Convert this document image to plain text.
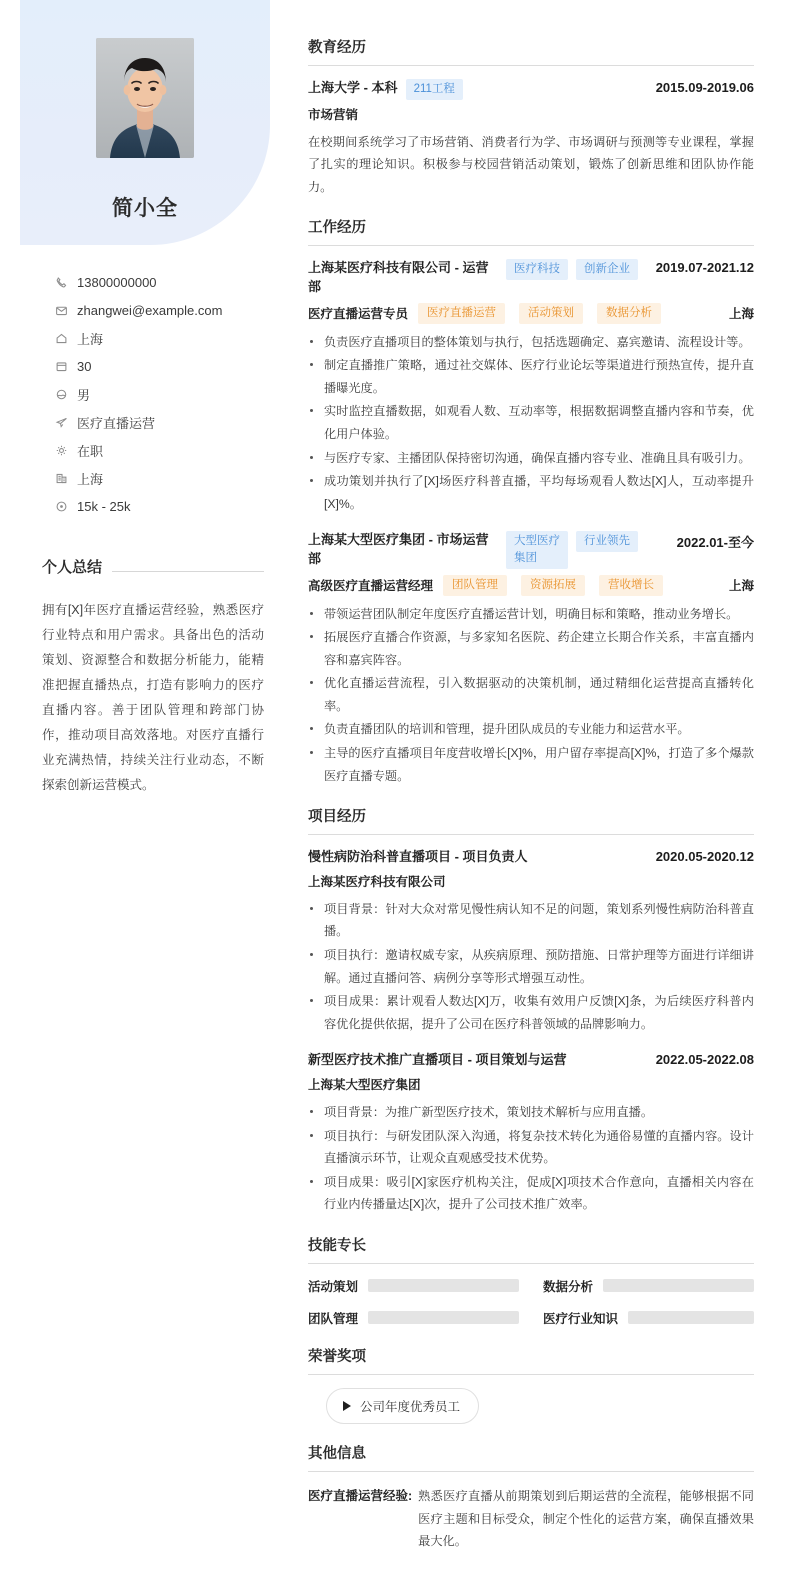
简小全
13800000000
zhangwei@example.com
上海
30
男
医疗直播运营
在职
上海
15k - 25k
个人总结
拥有[X]年医疗直播运营经验，熟悉医疗行业特点和用户需求。具备出色的活动策划、资源整合和数据分析能力，能精准把握直播热点，打造有影响力的医疗直播内容。善于团队管理和跨部门协作，推动项目高效落地。对医疗直播行业充满热情，持续关注行业动态，不断探索创新运营模式。
教育经历
上海大学 - 本科	211工程	2015.09-2019.06
市场营销
在校期间系统学习了市场营销、消费者行为学、市场调研与预测等专业课程，掌握了扎实的理论知识。积极参与校园营销活动策划，锻炼了创新思维和团队协作能力。
工作经历
上海某医疗科技有限公司 - 运营部
医疗科技	创新企业	2019.07-2021.12
医疗直播运营专员	医疗直播运营	活动策划	数据分析	上海
负责医疗直播项目的整体策划与执行，包括选题确定、嘉宾邀请、流程设计等。
制定直播推广策略，通过社交媒体、医疗行业论坛等渠道进行预热宣传，提升直播曝光度。
实时监控直播数据，如观看人数、互动率等，根据数据调整直播内容和节奏，优化用户体验。
与医疗专家、主播团队保持密切沟通，确保直播内容专业、准确且具有吸引力。
成功策划并执行了[X]场医疗科普直播，平均每场观看人数达[X]人，互动率提升[X]%。
上海某大型医疗集团 - 市场运营部
大型医疗集团
行业领先	2022.01-至今
高级医疗直播运营经理	团队管理	资源拓展	营收增长	上海
带领运营团队制定年度医疗直播运营计划，明确目标和策略，推动业务增长。
拓展医疗直播合作资源，与多家知名医院、药企建立长期合作关系，丰富直播内容和嘉宾阵容。
优化直播运营流程，引入数据驱动的决策机制，通过精细化运营提高直播转化率。
负责直播团队的培训和管理，提升团队成员的专业能力和运营水平。
主导的医疗直播项目年度营收增长[X]%，用户留存率提高[X]%，打造了多个爆款医疗直播专题。
项目经历
慢性病防治科普直播项目 - 项目负责人	2020.05-2020.12
上海某医疗科技有限公司
项目背景：针对大众对常见慢性病认知不足的问题，策划系列慢性病防治科普直播。
项目执行：邀请权威专家，从疾病原理、预防措施、日常护理等方面进行详细讲解。通过直播问答、病例分享等形式增强互动性。
项目成果：累计观看人数达[X]万，收集有效用户反馈[X]条，为后续医疗科普内容优化提供依据，提升了公司在医疗科普领域的品牌影响力。
新型医疗技术推广直播项目 - 项目策划与运营	2022.05-2022.08
上海某大型医疗集团
项目背景：为推广新型医疗技术，策划技术解析与应用直播。
项目执行：与研发团队深入沟通，将复杂技术转化为通俗易懂的直播内容。设计直播演示环节，让观众直观感受技术优势。
项目成果：吸引[X]家医疗机构关注，促成[X]项技术合作意向，直播相关内容在行业内传播量达[X]次，提升了公司技术推广效率。
技能专长
活动策划	数据分析
团队管理	医疗行业知识
荣誉奖项
公司年度优秀员工
其他信息
医疗直播运营经验: 熟悉医疗直播从前期策划到后期运营的全流程，能够根据不同医疗主题和目标受众，制定个性化的运营方案，确保直播效果最大化。
